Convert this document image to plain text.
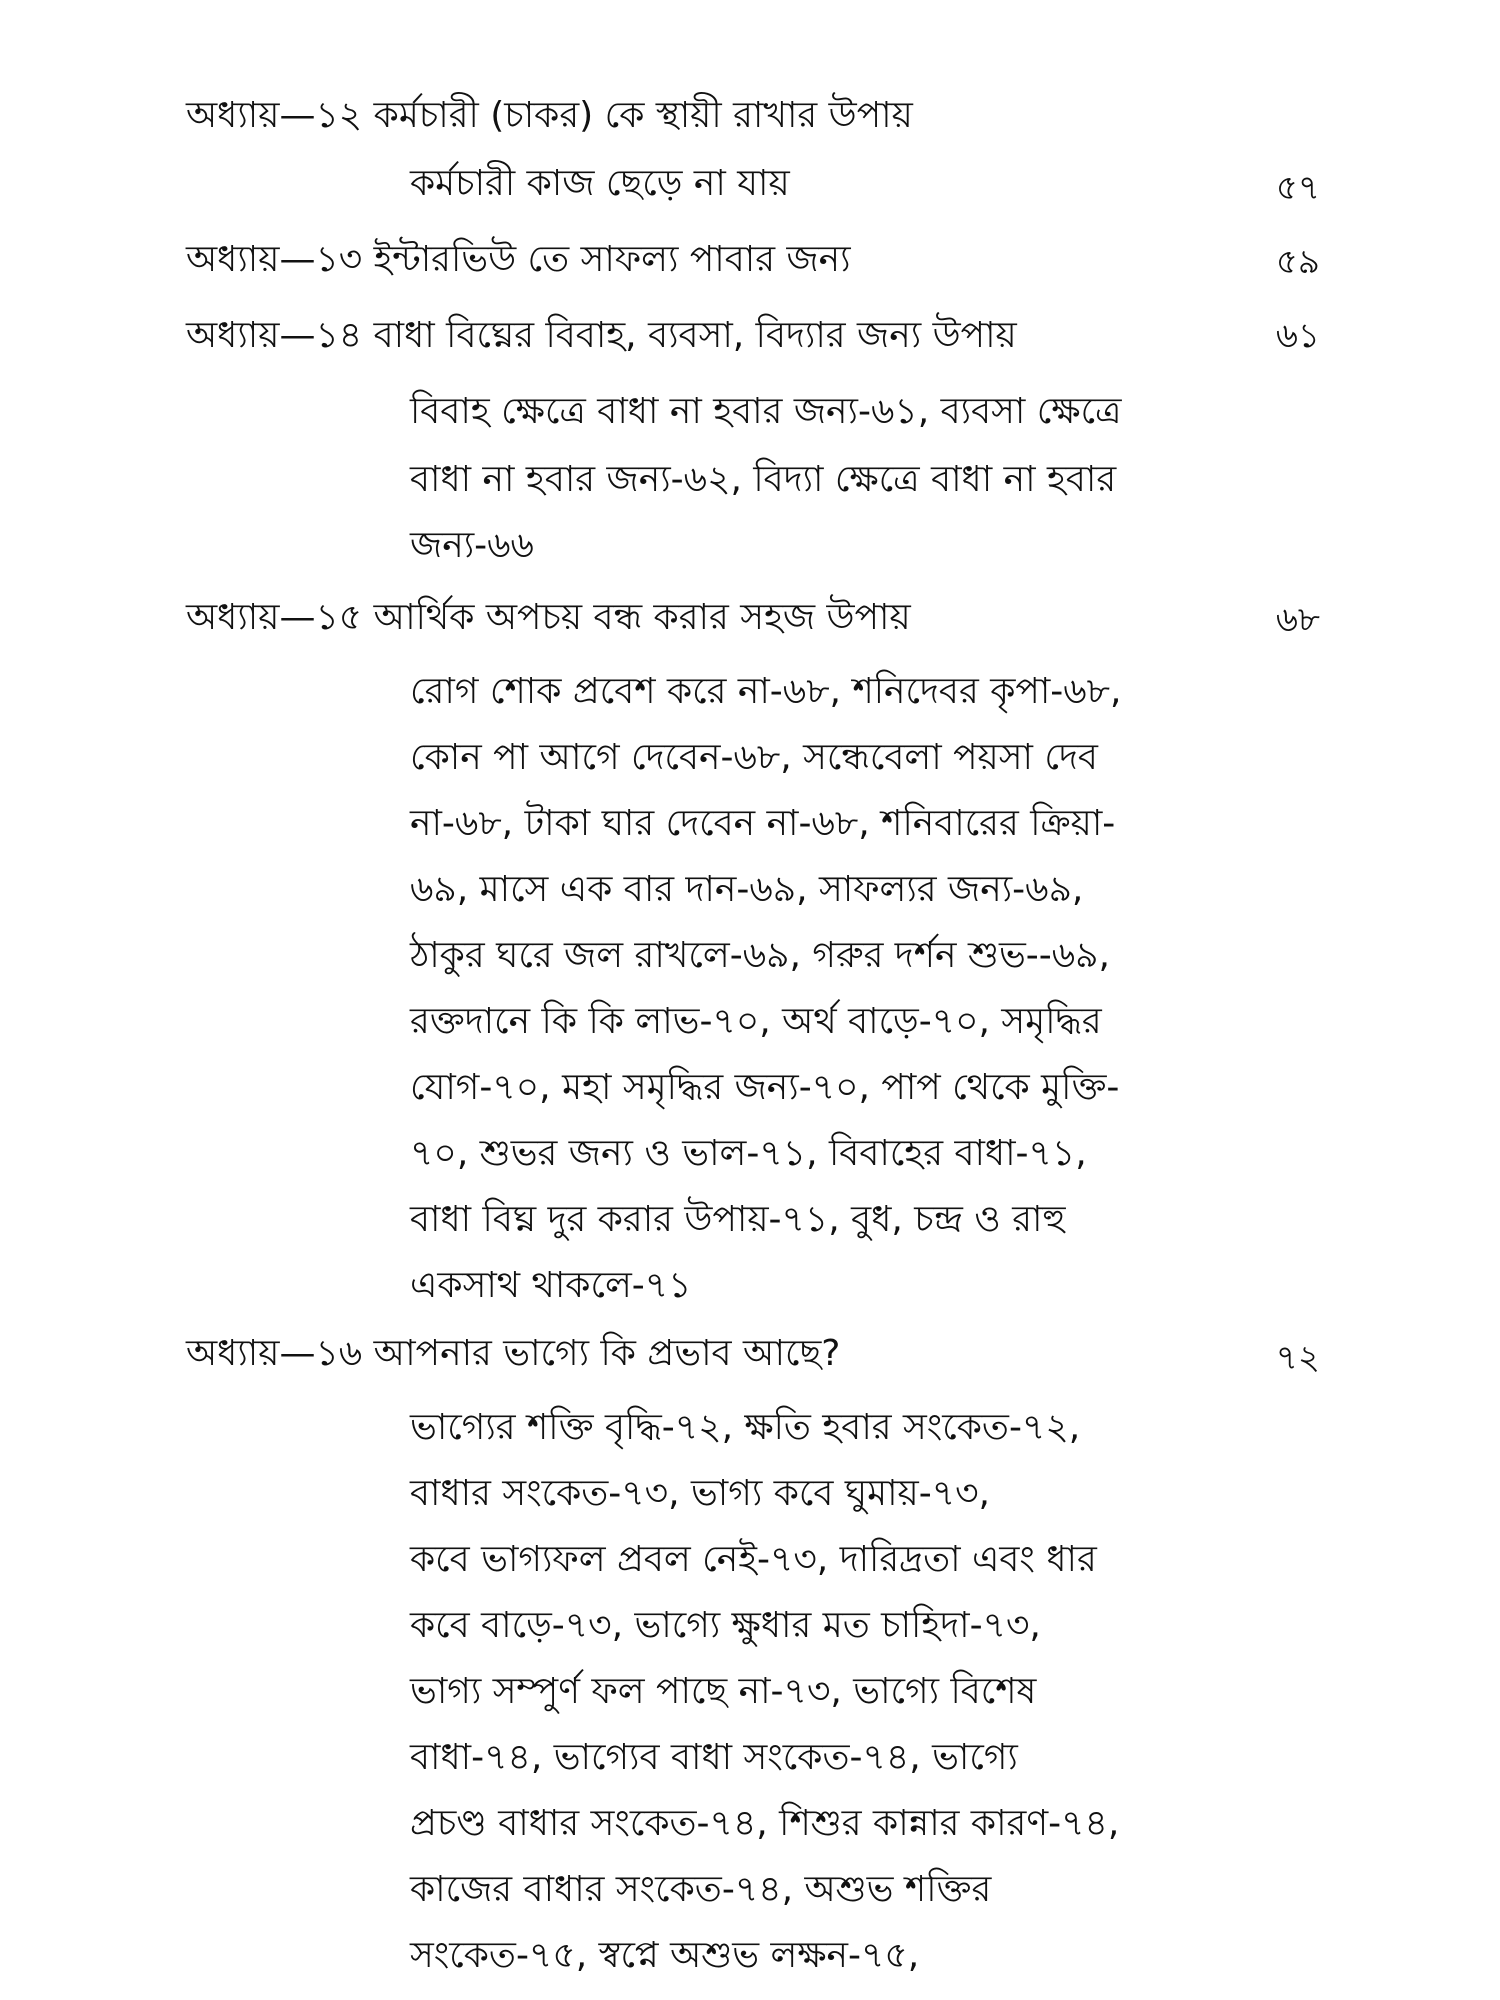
অধ্যায়—১২ কর্মচারী (চাকর) কে স্থায়ী রাখার উপায়
কর্মচারী কাজ ছেড়ে না যায়	৫৭
অধ্যায়—১৩ ইন্টারভিউ তে সাফল্য পাবার জন্য	৫৯
অধ্যায়—১৪ বাধা বিঘ্নের বিবাহ, ব্যবসা, বিদ্যার জন্য উপায়	৬১
বিবাহ ক্ষেত্রে বাধা না হবার জন্য-৬১, ব্যবসা ক্ষেত্রে
বাধা না হবার জন্য-৬২, বিদ্যা ক্ষেত্রে বাধা না হবার
জন্য-৬৬
অধ্যায়—১৫ আর্থিক অপচয় বন্ধ করার সহজ উপায়	৬৮
রোগ শোক প্রবেশ করে না-৬৮, শনিদেবর কৃপা-৬৮,
কোন পা আগে দেবেন-৬৮, সন্ধেবেলা পয়সা দেব
না-৬৮, টাকা ঘার দেবেন না-৬৮, শনিবারের ক্রিয়া-
৬৯, মাসে এক বার দান-৬৯, সাফল্যর জন্য-৬৯,
ঠাকুর ঘরে জল রাখলে-৬৯, গরুর দর্শন শুভ--৬৯,
রক্তদানে কি কি লাভ-৭০, অর্থ বাড়ে-৭০, সমৃদ্ধির
যোগ-৭০, মহা সমৃদ্ধির জন্য-৭০, পাপ থেকে মুক্তি-
৭০, শুভর জন্য ও ভাল-৭১, বিবাহের বাধা-৭১,
বাধা বিঘ্ন দুর করার উপায়-৭১, বুধ, চন্দ্র ও রাহু
একসাথ থাকলে-৭১
অধ্যায়—১৬ আপনার ভাগ্যে কি প্রভাব আছে?	৭২
ভাগ্যের শক্তি বৃদ্ধি-৭২, ক্ষতি হবার সংকেত-৭২,
বাধার সংকেত-৭৩, ভাগ্য কবে ঘুমায়-৭৩,
কবে ভাগ্যফল প্রবল নেই-৭৩, দারিদ্রতা এবং ধার
কবে বাড়ে-৭৩, ভাগ্যে ক্ষুধার মত চাহিদা-৭৩,
ভাগ্য সম্পুর্ণ ফল পাছে না-৭৩, ভাগ্যে বিশেষ
বাধা-৭৪, ভাগ্যেব বাধা সংকেত-৭৪, ভাগ্যে
প্রচণ্ড বাধার সংকেত-৭৪, শিশুর কান্নার কারণ-৭৪,
কাজের বাধার সংকেত-৭৪, অশুভ শক্তির
সংকেত-৭৫, স্বপ্নে অশুভ লক্ষন-৭৫,
